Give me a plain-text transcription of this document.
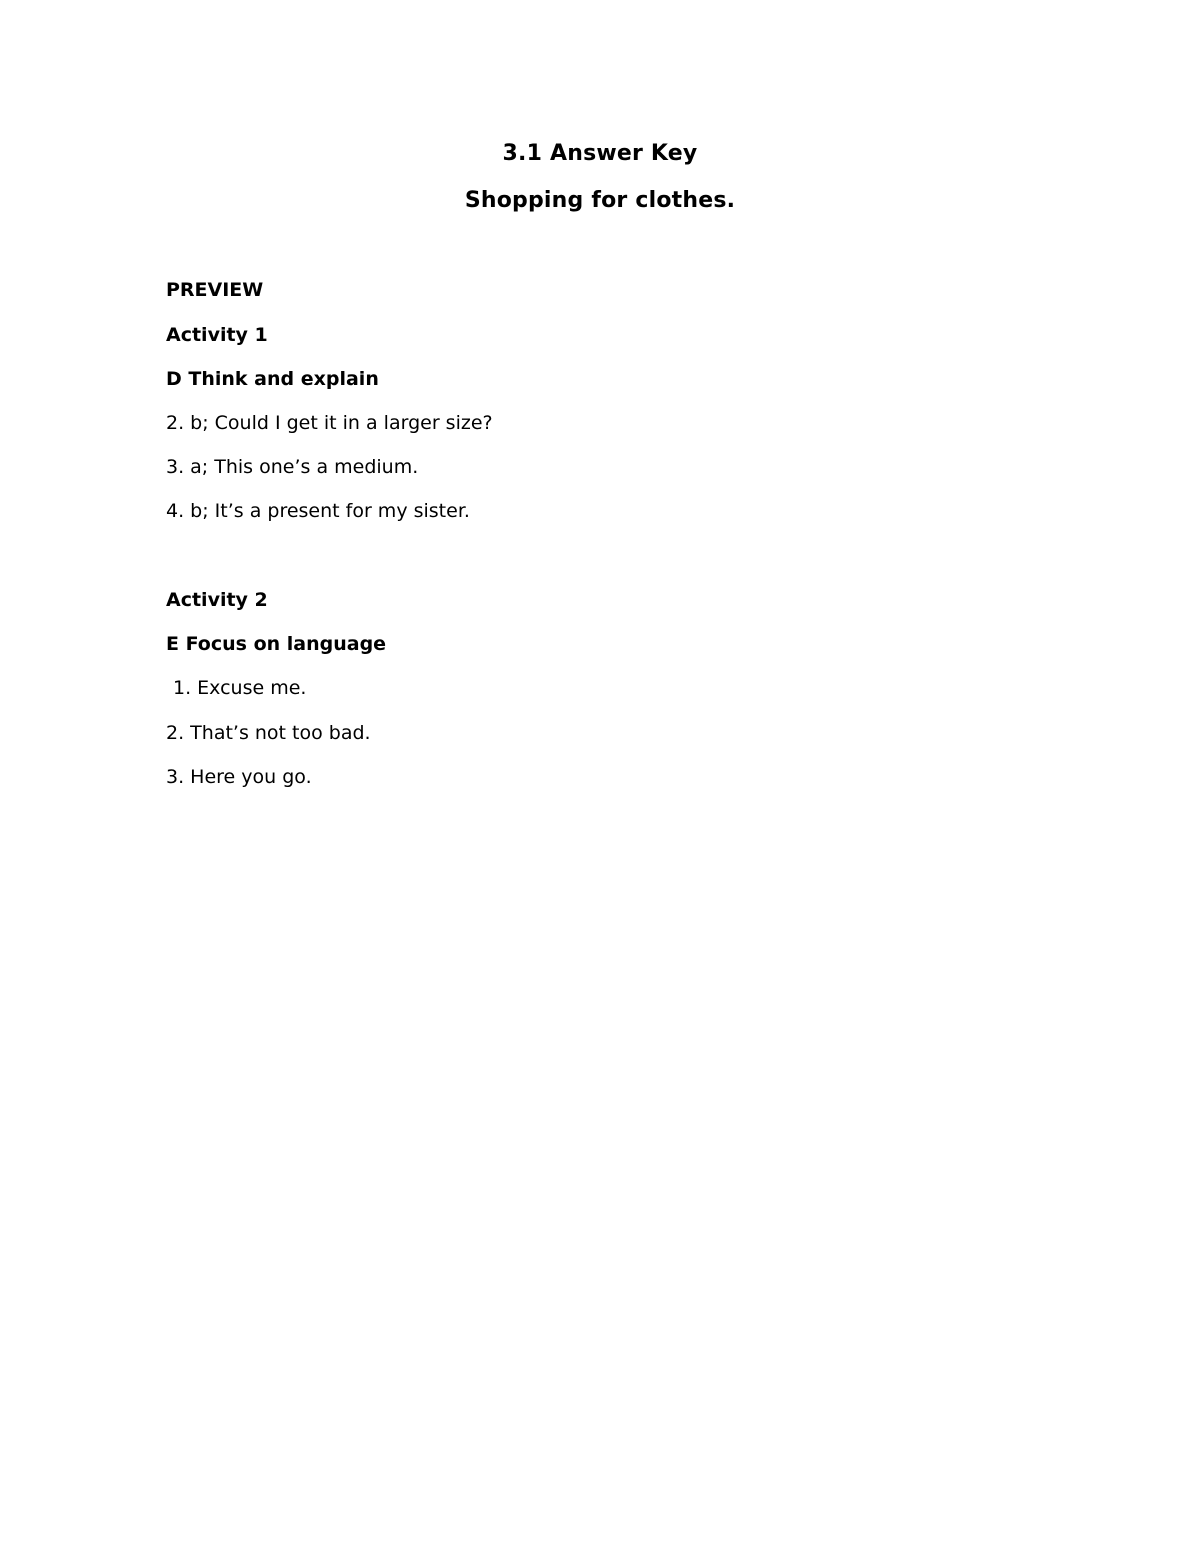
3.1 Answer Key
Shopping for clothes.
PREVIEW
Activity 1
D Think and explain
2. b; Could I get it in a larger size?
3. a; This one’s a medium.
4. b; It’s a present for my sister.
Activity 2
E Focus on language
1. Excuse me.
2. That’s not too bad.
3. Here you go.
